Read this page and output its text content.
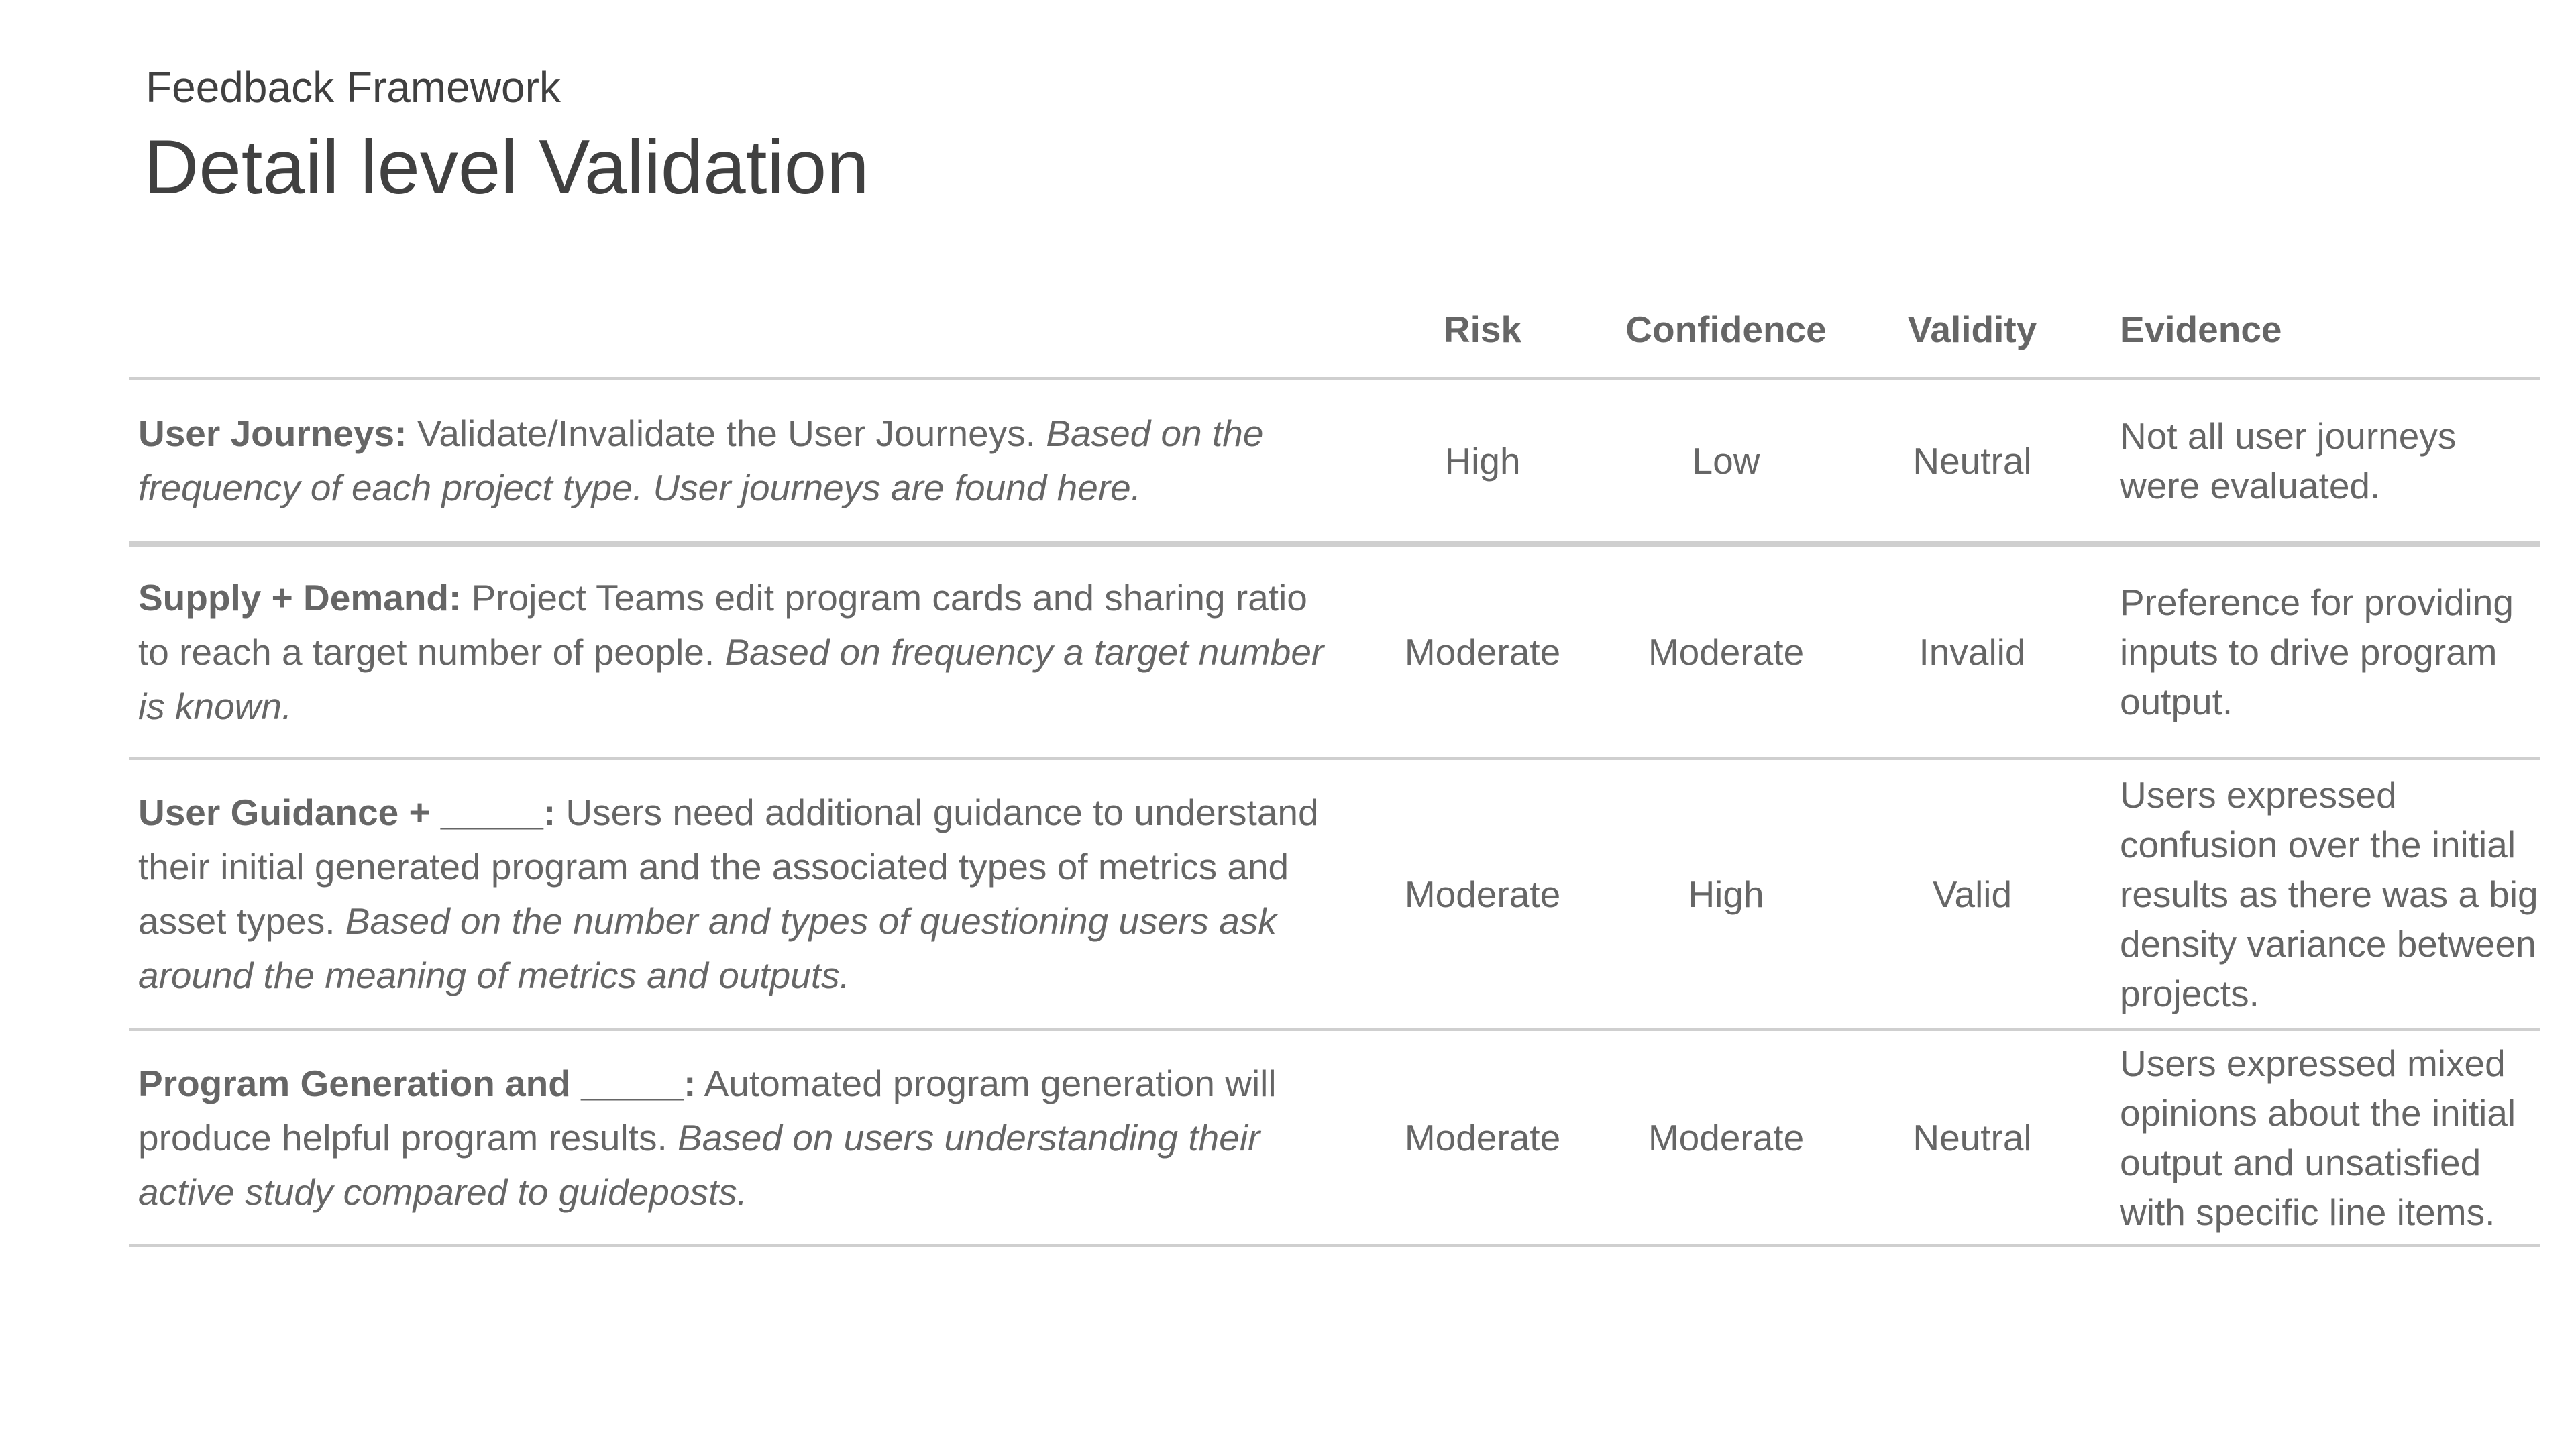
Feedback Framework
Detail level Validation
	Risk	Confidence	Validity	Evidence
User Journeys: Validate/Invalidate the User Journeys. Based on the frequency of each project type. User journeys are found here.	High	Low	Neutral	Not all user journeys were evaluated.
Supply + Demand: Project Teams edit program cards and sharing ratio to reach a target number of people. Based on frequency a target number is known.	Moderate	Moderate	Invalid	Preference for providing inputs to drive program output.
User Guidance + _____: Users need additional guidance to understand their initial generated program and the associated types of metrics and asset types. Based on the number and types of questioning users ask around the meaning of metrics and outputs.	Moderate	High	Valid	Users expressed confusion over the initial results as there was a big density variance between projects.
Program Generation and _____: Automated program generation will produce helpful program results. Based on users understanding their active study compared to guideposts.	Moderate	Moderate	Neutral	Users expressed mixed opinions about the initial output and unsatisfied with specific line items.
